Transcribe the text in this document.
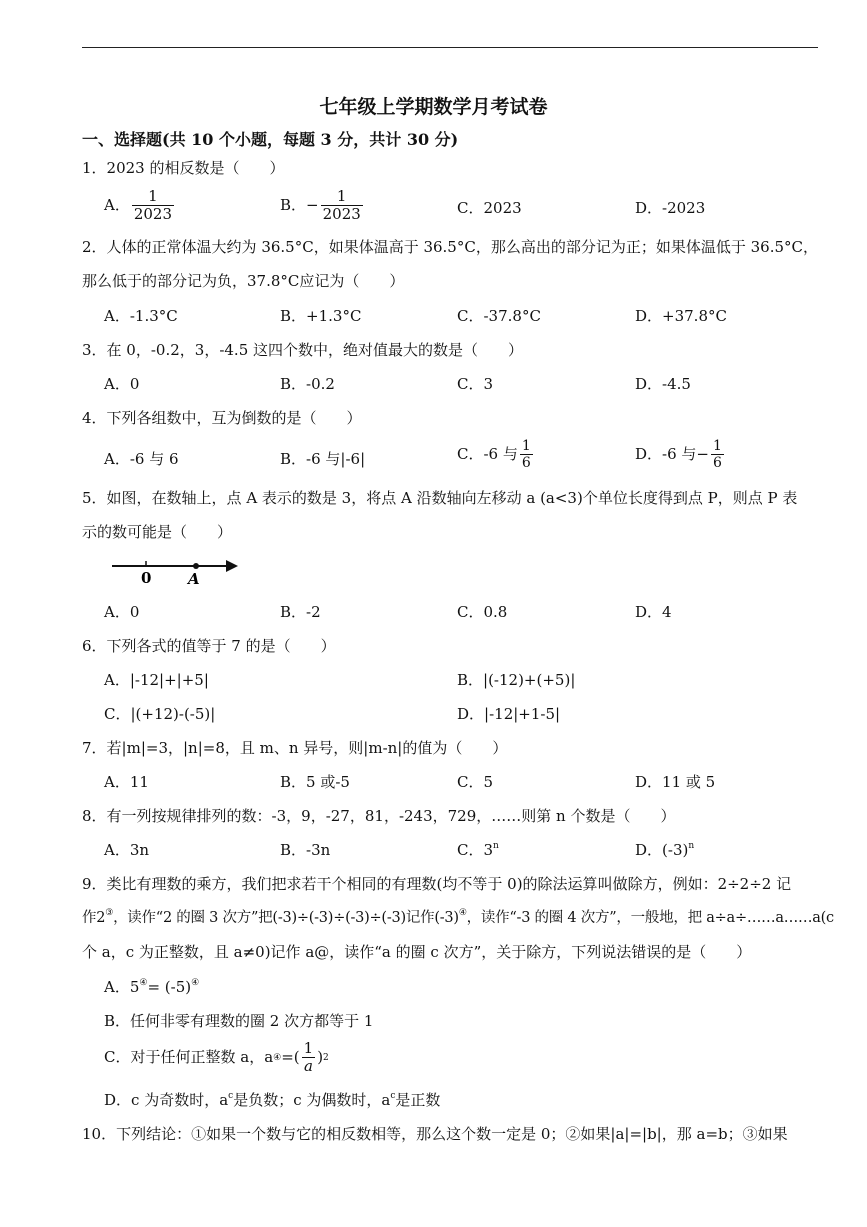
七年级上学期数学月考试卷
一、选择题(共 10 个小题，每题 3 分，共计 30 分)
1．2023 的相反数是（　　）
A． $\frac{1}{2023}$	B． − $\frac{1}{2023}$	C．2023	D．-2023
2．人体的正常体温大约为 36.5°C，如果体温高于 36.5°C，那么高出的部分记为正；如果体温低于 36.5°C，
那么低于的部分记为负，37.8°C应记为（　　）
A．-1.3°C	B．+1.3°C	C．-37.8°C	D．+37.8°C
3．在 0，-0.2，3，-4.5 这四个数中，绝对值最大的数是（　　）
A．0	B．-0.2	C．3	D．-4.5
4．下列各组数中，互为倒数的是（　　）
A．-6 与 6	B．-6 与|-6|	C．-6 与 $\frac{1}{6}$	D．-6 与 − $\frac{1}{6}$
5．如图，在数轴上，点 A 表示的数是 3，将点 A 沿数轴向左移动 a (a<3)个单位长度得到点 P，则点 P 表
示的数可能是（　　）
0 A
A．0	B．-2	C．0.8	D．4
6．下列各式的值等于 7 的是（　　）
A．|-12|+|+5|	B．|(-12)+(+5)|
C．|(+12)-(-5)|	D．|-12|+1-5|
7．若|m|=3，|n|=8，且 m、n 异号，则|m-n|的值为（　　）
A．11	B．5 或-5	C．5	D．11 或 5
8．有一列按规律排列的数：-3，9，-27，81，-243，729，……则第 n 个数是（　　）
A．3n	B．-3n	C．3$^n$	D．$(-3)^n$
9．类比有理数的乘方，我们把求若干个相同的有理数(均不等于 0)的除法运算叫做除方，例如：2÷2÷2 记
作2③，读作“2 的圈 3 次方”把(-3)÷(-3)÷(-3)÷(-3)记作(-3)④，读作“-3 的圈 4 次方”，一般地，把 a÷a÷……a……a(c
个 a，c 为正整数，且 a≠0)记作 a@，读作“a 的圈 c 次方”，关于除方，下列说法错误的是（　　）
A．5④= (-5)④
B．任何非零有理数的圈 2 次方都等于 1
C．对于任何正整数 a，a ④ =( $\frac{1}{a}$ ) 2
D．c 为奇数时，$a^c$是负数；c 为偶数时，$a^c$是正数
10．下列结论：①如果一个数与它的相反数相等，那么这个数一定是 0；②如果|a|=|b|，那 a=b；③如果
